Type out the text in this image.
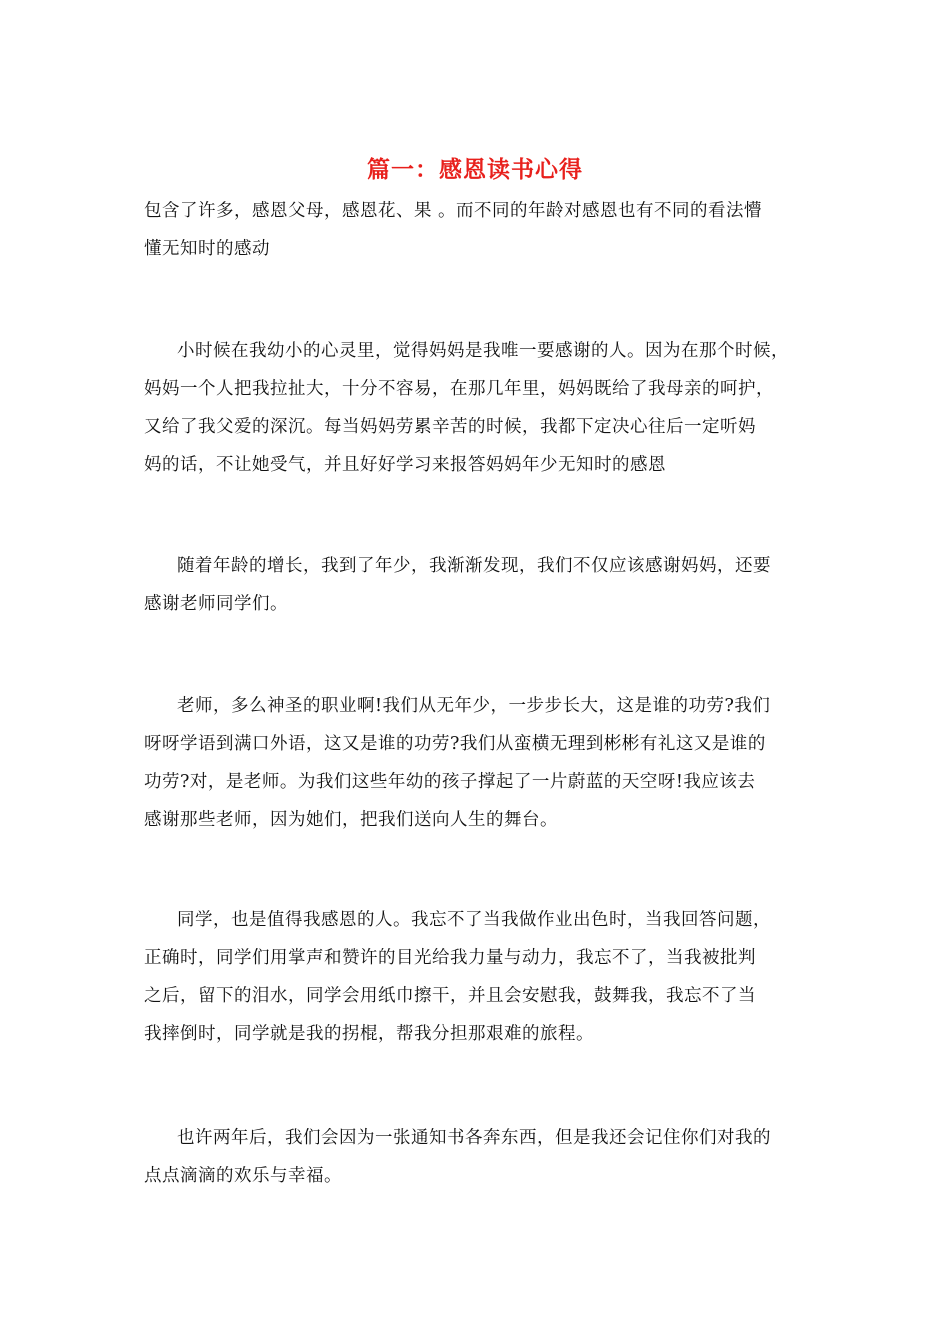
篇一：感恩读书心得
包含了许多，感恩父母，感恩花、果 。而不同的年龄对感恩也有不同的看法懵
懂无知时的感动
小时候在我幼小的心灵里，觉得妈妈是我唯一要感谢的人。因为在那个时候，
妈妈一个人把我拉扯大，十分不容易，在那几年里，妈妈既给了我母亲的呵护，
又给了我父爱的深沉。每当妈妈劳累辛苦的时候，我都下定决心往后一定听妈
妈的话，不让她受气，并且好好学习来报答妈妈年少无知时的感恩
随着年龄的增长，我到了年少，我渐渐发现，我们不仅应该感谢妈妈，还要
感谢老师同学们。
老师，多么神圣的职业啊!我们从无年少，一步步长大，这是谁的功劳?我们
呀呀学语到满口外语，这又是谁的功劳?我们从蛮横无理到彬彬有礼这又是谁的
功劳?对，是老师。为我们这些年幼的孩子撑起了一片蔚蓝的天空呀!我应该去
感谢那些老师，因为她们，把我们送向人生的舞台。
同学，也是值得我感恩的人。我忘不了当我做作业出色时，当我回答问题，
正确时，同学们用掌声和赞许的目光给我力量与动力，我忘不了，当我被批判
之后，留下的泪水，同学会用纸巾擦干，并且会安慰我，鼓舞我，我忘不了当
我摔倒时，同学就是我的拐棍，帮我分担那艰难的旅程。
也许两年后，我们会因为一张通知书各奔东西，但是我还会记住你们对我的
点点滴滴的欢乐与幸福。
